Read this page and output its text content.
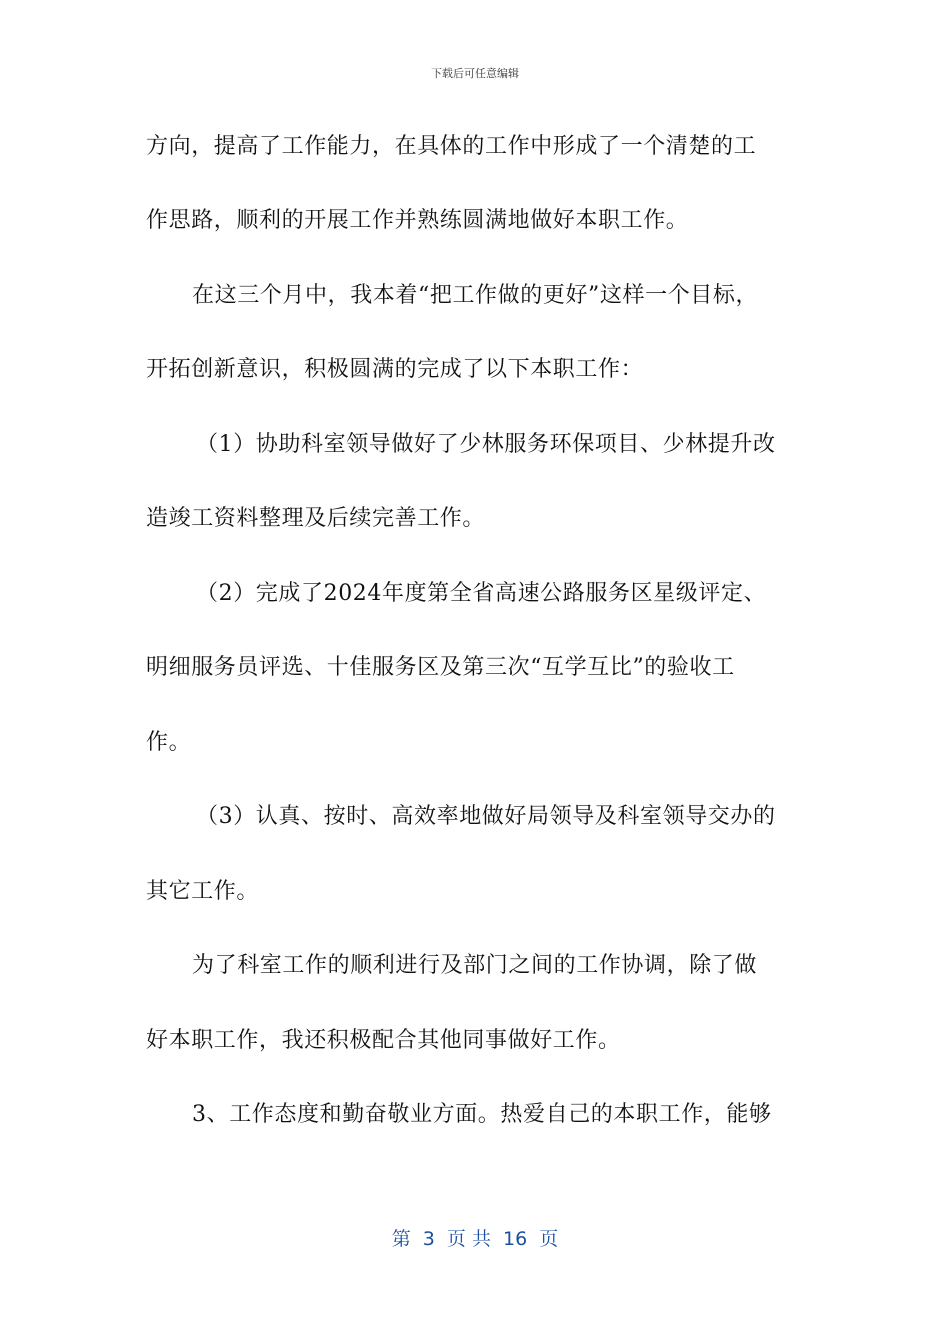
下载后可任意编辑
方向，提高了工作能力，在具体的工作中形成了一个清楚的工
作思路，顺利的开展工作并熟练圆满地做好本职工作。
在这三个月中，我本着“把工作做的更好”这样一个目标，
开拓创新意识，积极圆满的完成了以下本职工作：
（1）协助科室领导做好了少林服务环保项目、少林提升改
造竣工资料整理及后续完善工作。
（2）完成了2024年度第全省高速公路服务区星级评定、
明细服务员评选、十佳服务区及第三次“互学互比”的验收工
作。
（3）认真、按时、高效率地做好局领导及科室领导交办的
其它工作。
为了科室工作的顺利进行及部门之间的工作协调，除了做
好本职工作，我还积极配合其他同事做好工作。
3、工作态度和勤奋敬业方面。热爱自己的本职工作，能够
第  3  页 共  16  页
